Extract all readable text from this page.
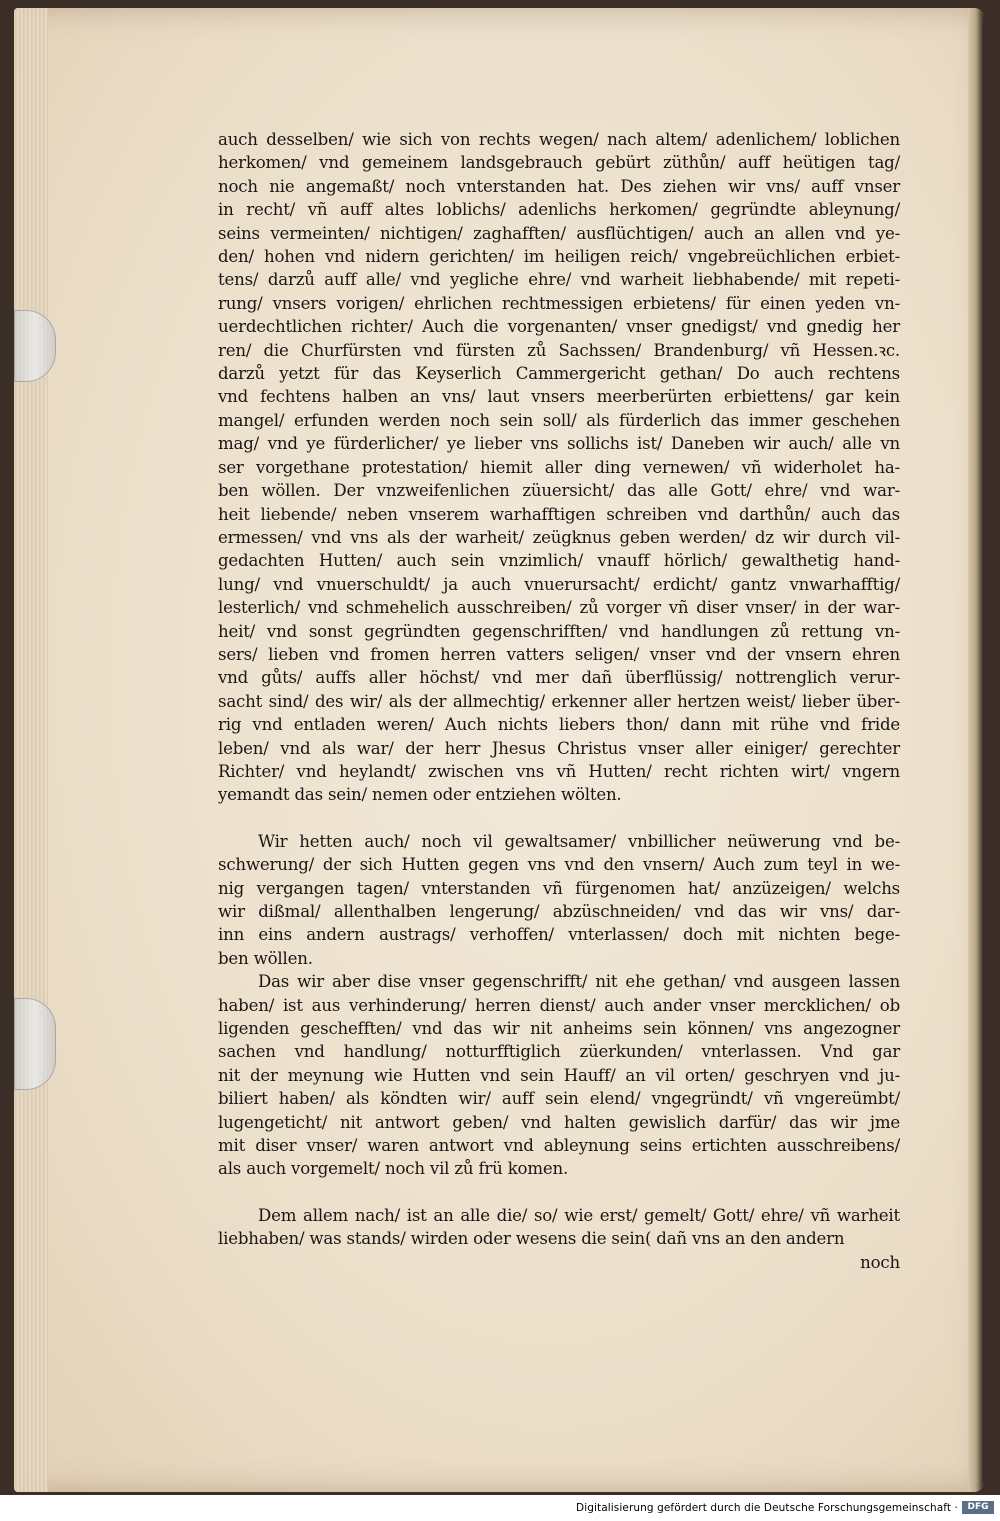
auch desselben/ wie sich von rechts wegen/ nach altem/ adenlichem/ loblichen
herkomen/ vnd gemeinem landsgebrauch gebürt züthůn/ auff heütigen tag/
noch nie angemaßt/ noch vnterstanden hat. Des ziehen wir vns/ auff vnser
in recht/ vñ auff altes loblichs/ adenlichs herkomen/ gegründte ableynung/
seins vermeinten/ nichtigen/ zaghafften/ ausflüchtigen/ auch an allen vnd ye-
den/ hohen vnd nidern gerichten/ im heiligen reich/ vngebreüchlichen erbiet-
tens/ darzů auff alle/ vnd yegliche ehre/ vnd warheit liebhabende/ mit repeti-
rung/ vnsers vorigen/ ehrlichen rechtmessigen erbietens/ für einen yeden vn-
uerdechtlichen richter/ Auch die vorgenanten/ vnser gnedigst/ vnd gnedig her
ren/ die Churfürsten vnd fürsten zů Sachssen/ Brandenburg/ vñ Hessen.ꝛc.
darzů yetzt für das Keyserlich Cammergericht gethan/ Do auch rechtens
vnd fechtens halben an vns/ laut vnsers meerberürten erbiettens/ gar kein
mangel/ erfunden werden noch sein soll/ als fürderlich das immer geschehen
mag/ vnd ye fürderlicher/ ye lieber vns sollichs ist/ Daneben wir auch/ alle vn
ser vorgethane protestation/ hiemit aller ding vernewen/ vñ widerholet ha-
ben wöllen. Der vnzweifenlichen züuersicht/ das alle Gott/ ehre/ vnd war-
heit liebende/ neben vnserem warhafftigen schreiben vnd darthůn/ auch das
ermessen/ vnd vns als der warheit/ zeügknus geben werden/ dz wir durch vil-
gedachten Hutten/ auch sein vnzimlich/ vnauff hörlich/ gewalthetig hand-
lung/ vnd vnuerschuldt/ ja auch vnuerursacht/ erdicht/ gantz vnwarhafftig/
lesterlich/ vnd schmehelich ausschreiben/ zů vorger vñ diser vnser/ in der war-
heit/ vnd sonst gegründten gegenschrifften/ vnd handlungen zů rettung vn-
sers/ lieben vnd fromen herren vatters seligen/ vnser vnd der vnsern ehren
vnd gůts/ auffs aller höchst/ vnd mer dañ überflüssig/ nottrenglich verur-
sacht sind/ des wir/ als der allmechtig/ erkenner aller hertzen weist/ lieber über-
rig vnd entladen weren/ Auch nichts liebers thon/ dann mit rühe vnd fride
leben/ vnd als war/ der herr Jhesus Christus vnser aller einiger/ gerechter
Richter/ vnd heylandt/ zwischen vns vñ Hutten/ recht richten wirt/ vngern
yemandt das sein/ nemen oder entziehen wölten.
Wir hetten auch/ noch vil gewaltsamer/ vnbillicher neüwerung vnd be-
schwerung/ der sich Hutten gegen vns vnd den vnsern/ Auch zum teyl in we-
nig vergangen tagen/ vnterstanden vñ fürgenomen hat/ anzüzeigen/ welchs
wir dißmal/ allenthalben lengerung/ abzüschneiden/ vnd das wir vns/ dar-
inn eins andern austrags/ verhoffen/ vnterlassen/ doch mit nichten bege-
ben wöllen.
Das wir aber dise vnser gegenschrifft/ nit ehe gethan/ vnd ausgeen lassen
haben/ ist aus verhinderung/ herren dienst/ auch ander vnser mercklichen/ ob
ligenden geschefften/ vnd das wir nit anheims sein können/ vns angezogner
sachen vnd handlung/ notturfftiglich züerkunden/ vnterlassen. Vnd gar
nit der meynung wie Hutten vnd sein Hauff/ an vil orten/ geschryen vnd ju-
biliert haben/ als köndten wir/ auff sein elend/ vngegründt/ vñ vngereümbt/
lugengeticht/ nit antwort geben/ vnd halten gewislich darfür/ das wir jme
mit diser vnser/ waren antwort vnd ableynung seins ertichten ausschreibens/
als auch vorgemelt/ noch vil zů frü komen.
Dem allem nach/ ist an alle die/ so/ wie erst/ gemelt/ Gott/ ehre/ vñ warheit
liebhaben/ was stands/ wirden oder wesens die sein( dañ vns an den andern
noch
Digitalisierung gefördert durch die Deutsche Forschungsgemeinschaft ·	DFG
